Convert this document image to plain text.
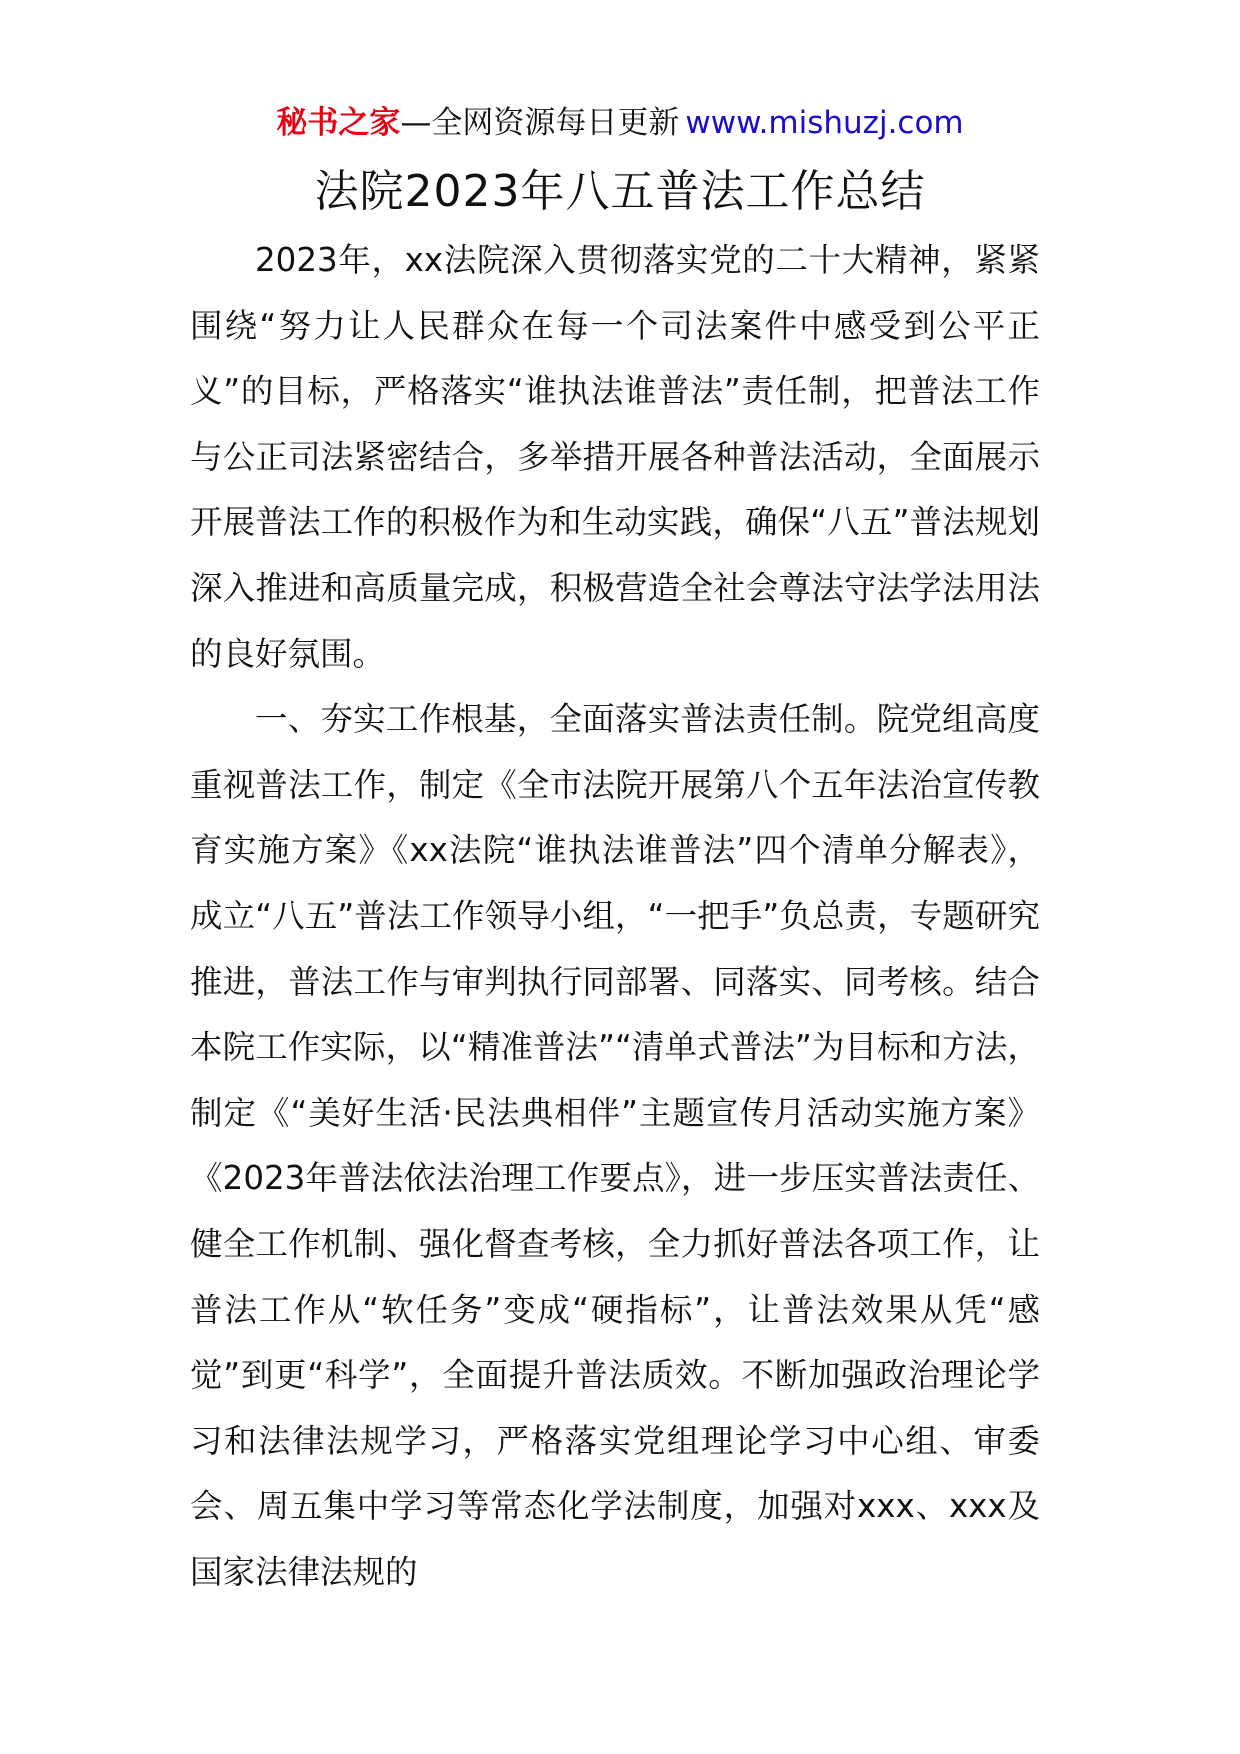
秘书之家—全网资源每日更新 www.mishuzj.com
法院2023年八五普法工作总结

2023年，xx法院深入贯彻落实党的二十大精神，紧紧围绕“努力让人民群众在每一个司法案件中感受到公平正义”的目标，严格落实“谁执法谁普法”责任制，把普法工作与公正司法紧密结合，多举措开展各种普法活动，全面展示开展普法工作的积极作为和生动实践，确保“八五”普法规划深入推进和高质量完成，积极营造全社会尊法守法学法用法的良好氛围。

一、夯实工作根基，全面落实普法责任制。院党组高度重视普法工作，制定《全市法院开展第八个五年法治宣传教育实施方案》《xx法院“谁执法谁普法”四个清单分解表》，成立“八五”普法工作领导小组，“一把手”负总责，专题研究推进，普法工作与审判执行同部署、同落实、同考核。结合本院工作实际，以“精准普法”“清单式普法”为目标和方法，制定《“美好生活·民法典相伴”主题宣传月活动实施方案》《2023年普法依法治理工作要点》，进一步压实普法责任、健全工作机制、强化督查考核，全力抓好普法各项工作，让普法工作从“软任务”变成“硬指标”，让普法效果从凭“感觉”到更“科学”，全面提升普法质效。不断加强政治理论学习和法律法规学习，严格落实党组理论学习中心组、审委会、周五集中学习等常态化学法制度，加强对xxx、xxx及国家法律法规的
